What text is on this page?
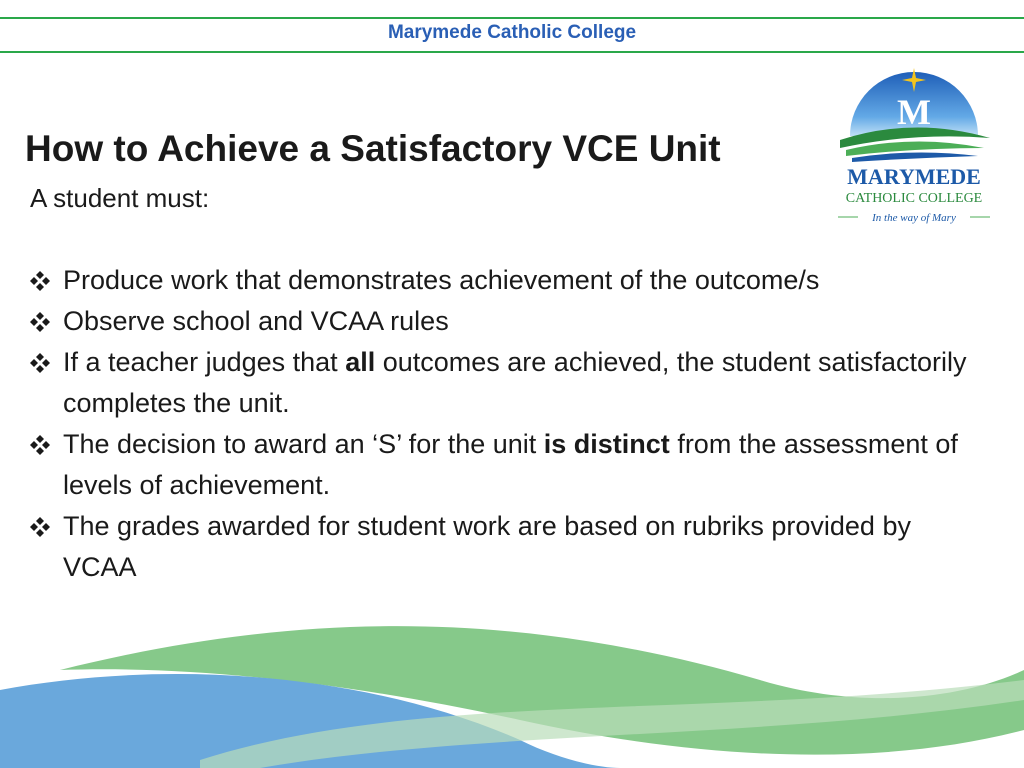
Marymede Catholic College
M
MARYMEDE
CATHOLIC COLLEGE
In the way of Mary
How to Achieve a Satisfactory VCE Unit
A student must:
Produce work that demonstrates achievement of the outcome/s
Observe school and VCAA rules
If a teacher judges that all outcomes are achieved, the student satisfactorily completes the unit.
The decision to award an ‘S’ for the unit is distinct from the assessment of levels of achievement.
The grades awarded for student work are based on rubriks provided by VCAA
